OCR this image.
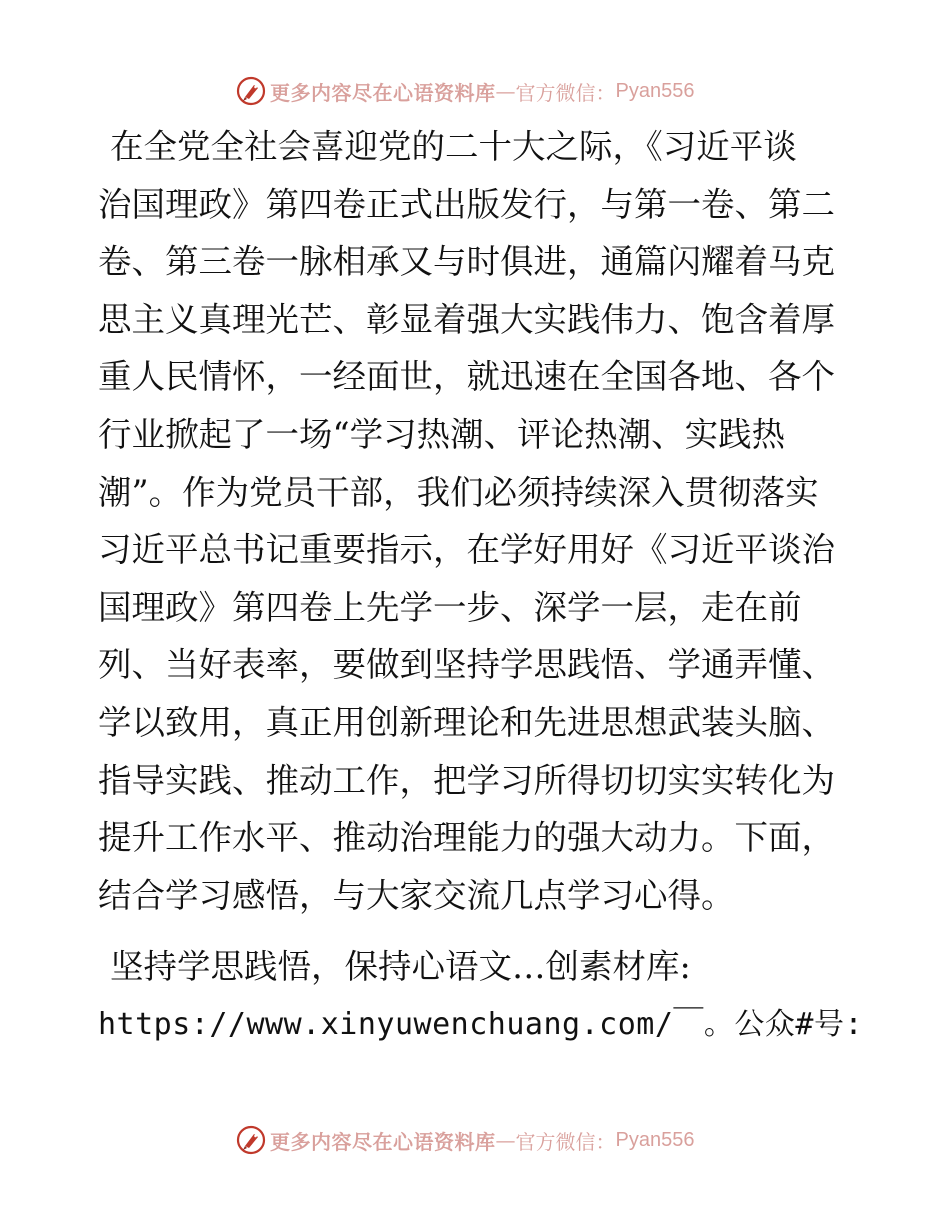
更多内容尽在心语资料库 — 官方微信： Pyan556
在全党全社会喜迎党的二十大之际，《习近平谈
治国理政》第四卷正式出版发行，与第一卷、第二
卷、第三卷一脉相承又与时俱进，通篇闪耀着马克
思主义真理光芒、彰显着强大实践伟力、饱含着厚
重人民情怀，一经面世，就迅速在全国各地、各个
行业掀起了一场“学习热潮、评论热潮、实践热
潮”。作为党员干部，我们必须持续深入贯彻落实
习近平总书记重要指示，在学好用好《习近平谈治
国理政》第四卷上先学一步、深学一层，走在前
列、当好表率，要做到坚持学思践悟、学通弄懂、
学以致用，真正用创新理论和先进思想武装头脑、
指导实践、推动工作，把学习所得切切实实转化为
提升工作水平、推动治理能力的强大动力。下面，
结合学习感悟，与大家交流几点学习心得。
坚持学思践悟，保持心语文…创素材库:
https://www.xinyuwenchuang.com/￣。公众#号:
更多内容尽在心语资料库 — 官方微信： Pyan556
